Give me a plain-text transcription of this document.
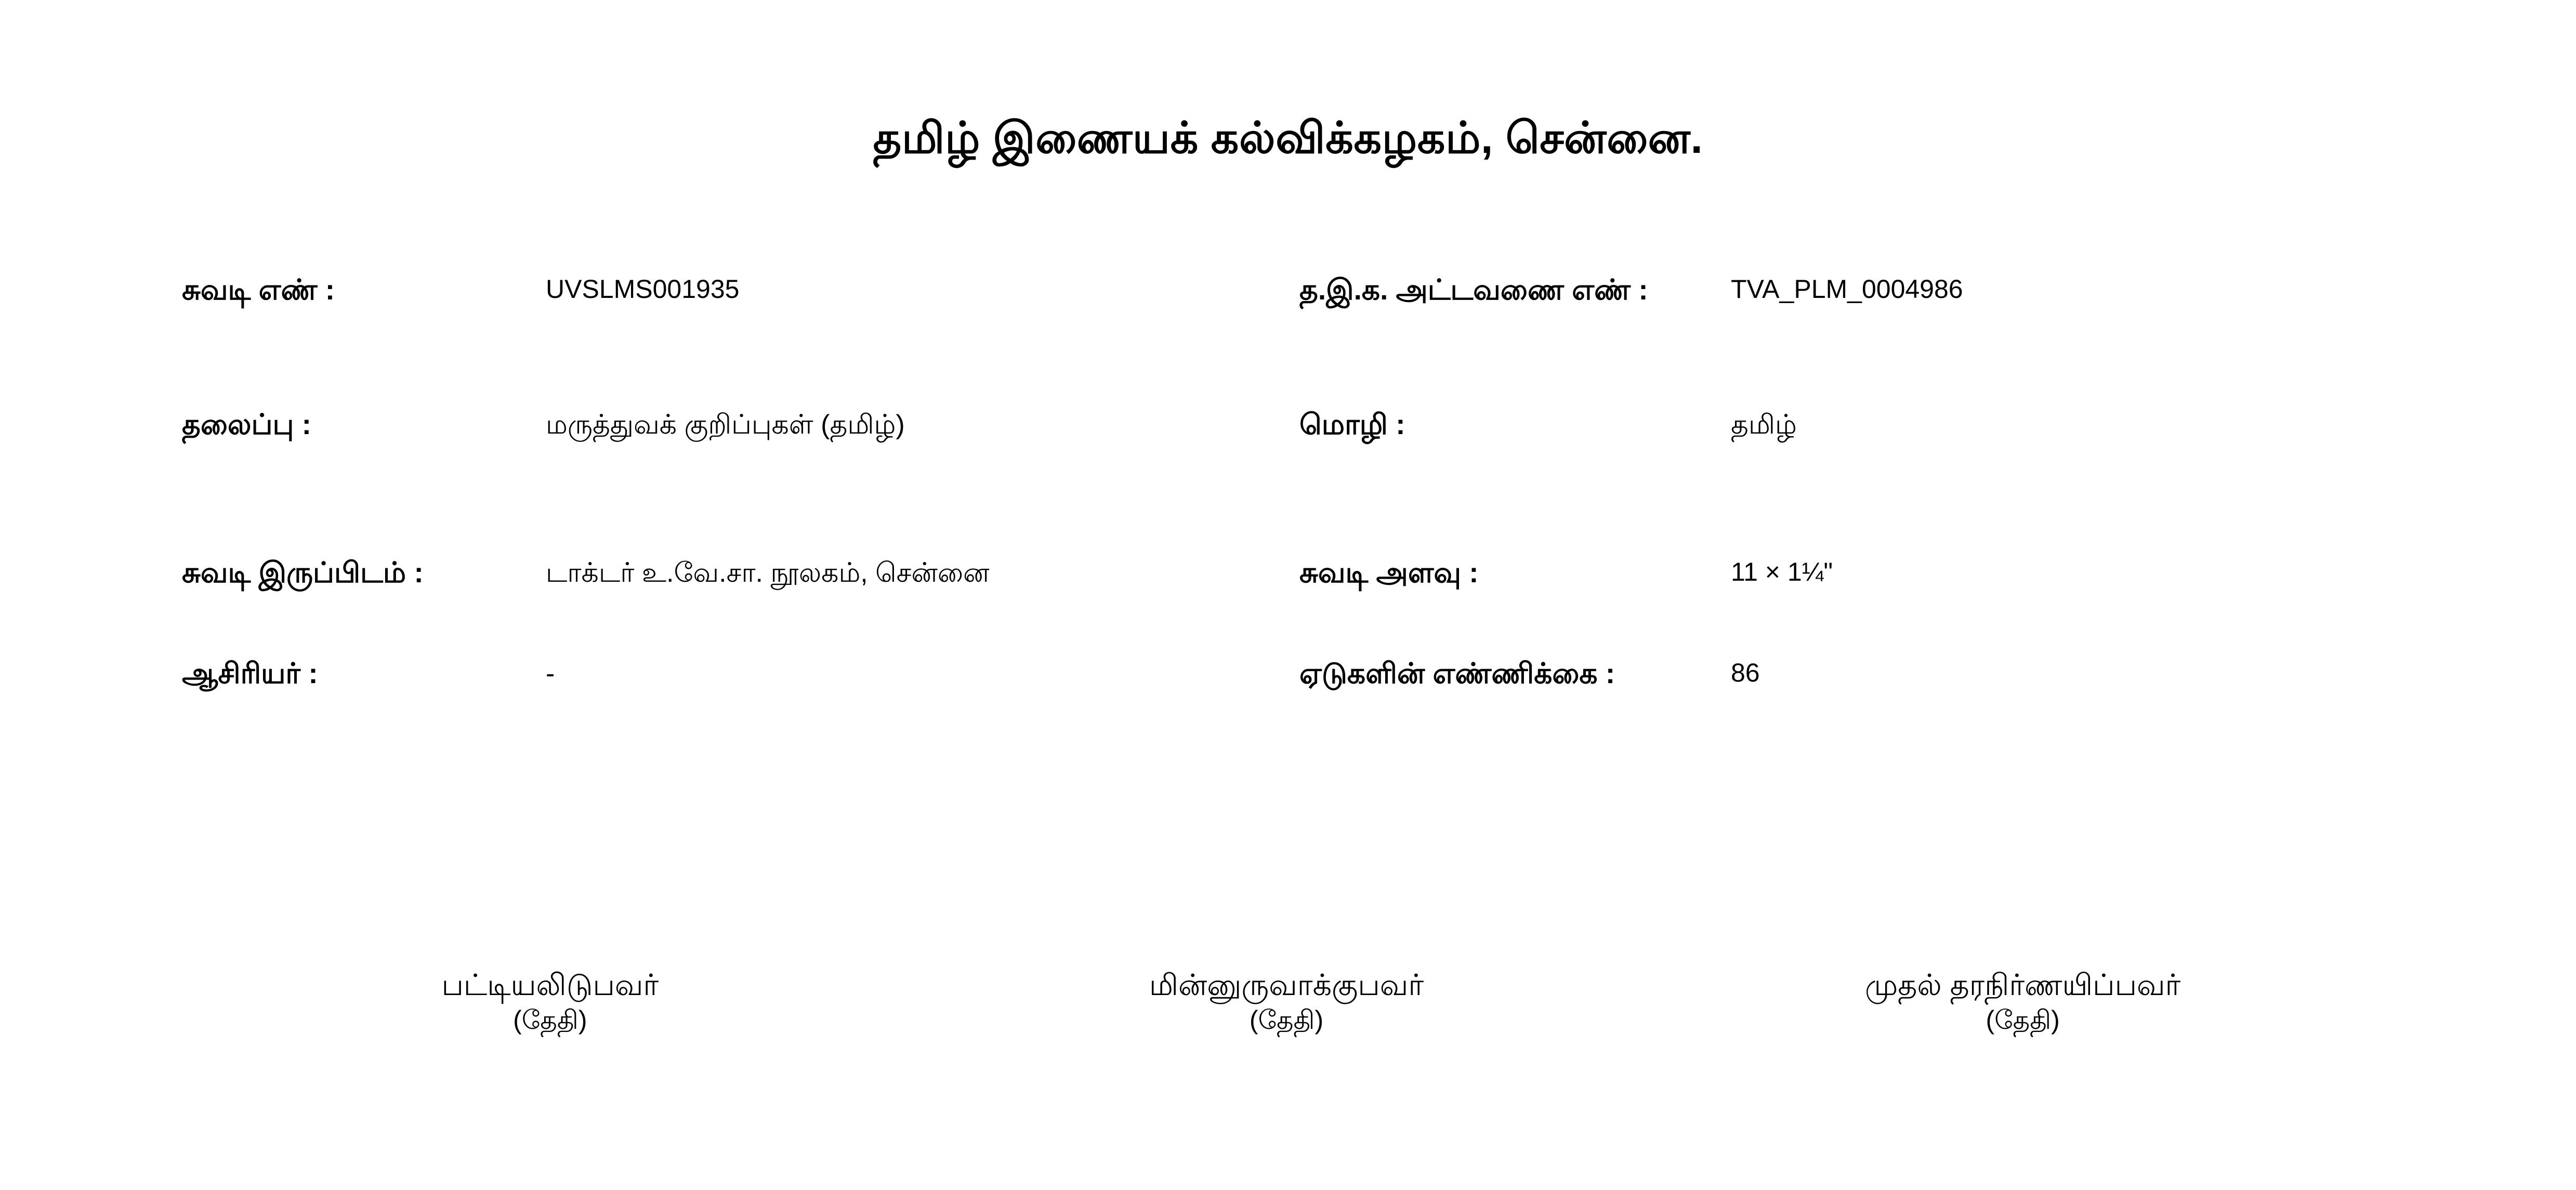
தமிழ் இணையக் கல்விக்கழகம், சென்னை.
சுவடி எண் :	UVSLMS001935	த.இ.க. அட்டவணை எண் :	TVA_PLM_0004986
தலைப்பு :	மருத்துவக் குறிப்புகள் (தமிழ்)	மொழி :	தமிழ்
சுவடி இருப்பிடம் :	டாக்டர் உ.வே.சா. நூலகம், சென்னை	சுவடி அளவு :	11 × 1¼"
ஆசிரியர் :	-	ஏடுகளின் எண்ணிக்கை :	86
பட்டியலிடுபவர்
(தேதி)
மின்னுருவாக்குபவர்
(தேதி)
முதல் தரநிர்ணயிப்பவர்
(தேதி)
